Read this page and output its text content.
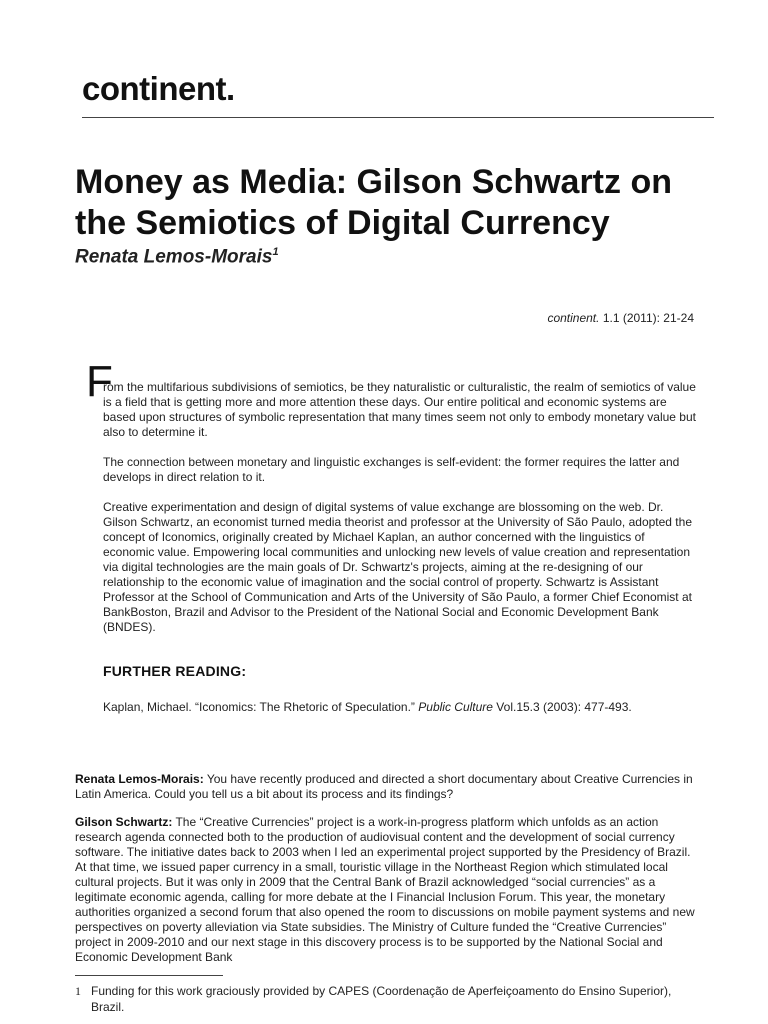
continent.
Money as Media: Gilson Schwartz on the Semiotics of Digital Currency
Renata Lemos-Morais$^1$
continent. 1.1 (2011): 21-24
F

rom the multifarious subdivisions of semiotics, be they naturalistic or culturalistic, the realm of semiotics of value is a field that is getting more and more attention these days. Our entire political and economic systems are based upon structures of symbolic representation that many times seem not only to embody monetary value but also to determine it.

The connection between monetary and linguistic exchanges is self-evident: the former requires the latter and develops in direct relation to it.

Creative experimentation and design of digital systems of value exchange are blossoming on the web. Dr. Gilson Schwartz, an economist turned media theorist and professor at the University of São Paulo, adopted the concept of Iconomics, originally created by Michael Kaplan, an author concerned with the linguistics of economic value. Empowering local communities and unlocking new levels of value creation and representation via digital technologies are the main goals of Dr. Schwartz's projects, aiming at the re-designing of our relationship to the economic value of imagination and the social control of property. Schwartz is Assistant Professor at the School of Communication and Arts of the University of São Paulo, a former Chief Economist at BankBoston, Brazil and Advisor to the President of the National Social and Economic Development Bank (BNDES).

FURTHER READING:
Kaplan, Michael. “Iconomics: The Rhetoric of Speculation.” Public Culture Vol.15.3 (2003): 477-493.

Renata Lemos-Morais: You have recently produced and directed a short documentary about Creative Currencies in Latin America. Could you tell us a bit about its process and its findings?

Gilson Schwartz: The “Creative Currencies” project is a work-in-progress platform which unfolds as an action research agenda connected both to the production of audiovisual content and the development of social currency software. The initiative dates back to 2003 when I led an experimental project supported by the Presidency of Brazil. At that time, we issued paper currency in a small, touristic village in the Northeast Region which stimulated local cultural projects. But it was only in 2009 that the Central Bank of Brazil acknowledged “social currencies” as a legitimate economic agenda, calling for more debate at the I Financial Inclusion Forum. This year, the monetary authorities organized a second forum that also opened the room to discussions on mobile payment systems and new perspectives on poverty alleviation via State subsidies. The Ministry of Culture funded the “Creative Currencies” project in 2009-2010 and our next stage in this discovery process is to be supported by the National Social and Economic Development Bank

1 Funding for this work graciously provided by CAPES (Coordenação de Aperfeiçoamento do Ensino Superior), Brazil.
